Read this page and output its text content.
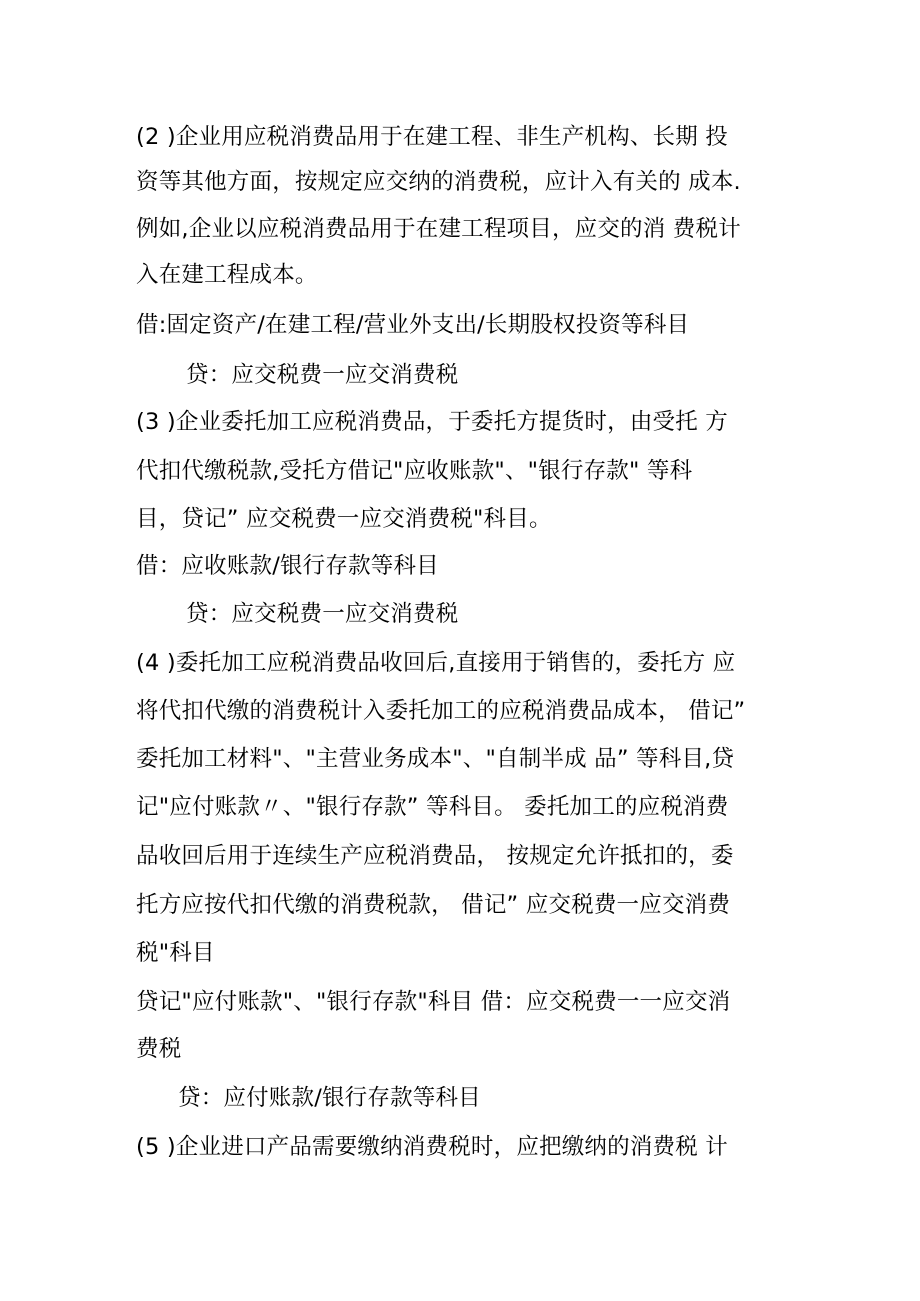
(2 )企业用应税消费品用于在建工程、非生产机构、长期 投
资等其他方面，按规定应交纳的消费税，应计入有关的 成本.
例如,企业以应税消费品用于在建工程项目，应交的消 费税计
入在建工程成本。
借:固定资产/在建工程/营业外支出/长期股权投资等科目
贷：应交税费一应交消费税
(3 )企业委托加工应税消费品，于委托方提货时，由受托 方
代扣代缴税款,受托方借记"应收账款"、"银行存款" 等科
目，贷记” 应交税费一应交消费税"科目。
借：应收账款/银行存款等科目
贷：应交税费一应交消费税
(4 )委托加工应税消费品收回后,直接用于销售的，委托方 应
将代扣代缴的消费税计入委托加工的应税消费品成本， 借记”
委托加工材料"、"主营业务成本"、"自制半成 品” 等科目,贷
记"应付账款〃、"银行存款” 等科目。 委托加工的应税消费
品收回后用于连续生产应税消费品， 按规定允许抵扣的，委
托方应按代扣代缴的消费税款， 借记” 应交税费一应交消费
税"科目
贷记"应付账款"、"银行存款"科目 借：应交税费一一应交消
费税
贷：应付账款/银行存款等科目
(5 )企业进口产品需要缴纳消费税时，应把缴纳的消费税 计
